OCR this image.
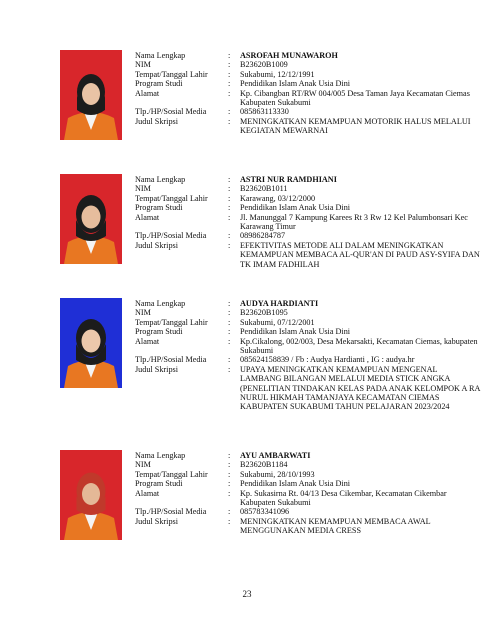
Nama Lengkap	:	ASROFAH MUNAWAROH
NIM	:	B23620B1009
Tempat/Tanggal Lahir	:	Sukabumi, 12/12/1991
Program Studi	:	Pendidikan Islam Anak Usia Dini
Alamat	:	Kp. Cibangban RT/RW 004/005 Desa Taman Jaya Kecamatan Ciemas Kabupaten Sukabumi
Tlp./HP/Sosial Media	:	085863113330
Judul Skripsi	:	MENINGKATKAN KEMAMPUAN MOTORIK HALUS MELALUI KEGIATAN MEWARNAI
Nama Lengkap	:	ASTRI NUR RAMDHIANI
NIM	:	B23620B1011
Tempat/Tanggal Lahir	:	Karawang, 03/12/2000
Program Studi	:	Pendidikan Islam Anak Usia Dini
Alamat	:	Jl. Manunggal 7 Kampung Karees Rt 3 Rw 12 Kel Palumbonsari Kec Karawang Timur
Tlp./HP/Sosial Media	:	08986284787
Judul Skripsi	:	EFEKTIVITAS METODE ALI DALAM MENINGKATKAN KEMAMPUAN MEMBACA AL-QUR'AN DI PAUD ASY-SYIFA DAN TK IMAM FADHILAH
Nama Lengkap	:	AUDYA HARDIANTI
NIM	:	B23620B1095
Tempat/Tanggal Lahir	:	Sukabumi, 07/12/2001
Program Studi	:	Pendidikan Islam Anak Usia Dini
Alamat	:	Kp.Cikalong, 002/003, Desa Mekarsakti, Kecamatan Ciemas, kabupaten Sukabumi
Tlp./HP/Sosial Media	:	085624158839 / Fb : Audya Hardianti , IG : audya.hr
Judul Skripsi	:	UPAYA MENINGKATKAN KEMAMPUAN MENGENAL LAMBANG BILANGAN MELALUI MEDIA STICK ANGKA (PENELITIAN TINDAKAN KELAS PADA ANAK KELOMPOK A RA NURUL HIKMAH TAMANJAYA KECAMATAN CIEMAS KABUPATEN SUKABUMI TAHUN PELAJARAN 2023/2024
Nama Lengkap	:	AYU AMBARWATI
NIM	:	B23620B1184
Tempat/Tanggal Lahir	:	Sukabumi, 28/10/1993
Program Studi	:	Pendidikan Islam Anak Usia Dini
Alamat	:	Kp. Sukasirna Rt. 04/13 Desa Cikembar, Kecamatan Cikembar Kabupaten Sukabumi
Tlp./HP/Sosial Media	:	085783341096
Judul Skripsi	:	MENINGKATKAN KEMAMPUAN MEMBACA AWAL MENGGUNAKAN MEDIA CRESS
23
